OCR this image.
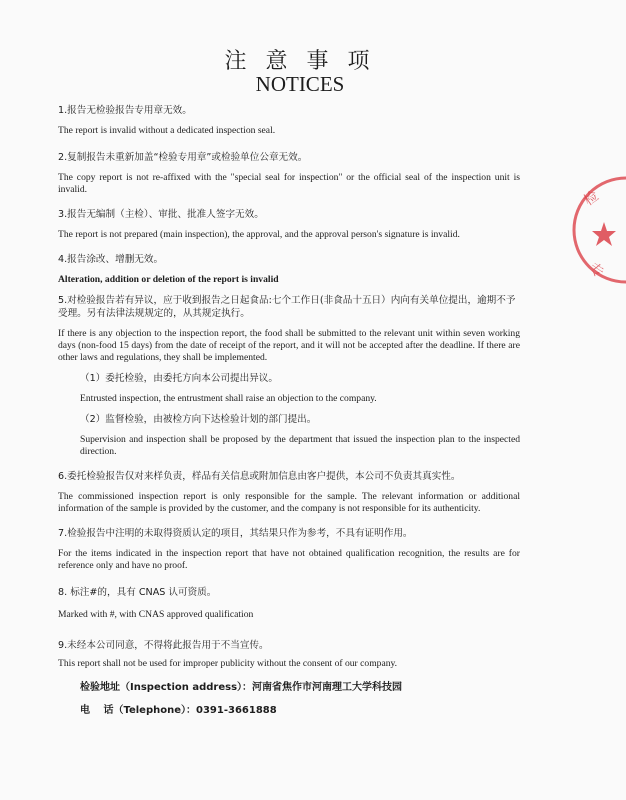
注 意 事 项
NOTICES

1.报告无检验报告专用章无效。

The report is invalid without a dedicated inspection seal.

2.复制报告未重新加盖“检验专用章”或检验单位公章无效。

The copy report is not re-affixed with the "special seal for inspection" or the official seal of the inspection unit is invalid.

3.报告无编制（主检）、审批、批准人签字无效。

The report is not prepared (main inspection), the approval, and the approval person's signature is invalid.

4.报告涂改、增删无效。

Alteration, addition or deletion of the report is invalid

5.对检验报告若有异议，应于收到报告之日起食品:七个工作日(非食品十五日）内向有关单位提出，逾期不予受理。另有法律法规规定的，从其规定执行。

If there is any objection to the inspection report, the food shall be submitted to the relevant unit within seven working days (non-food 15 days) from the date of receipt of the report, and it will not be accepted after the deadline. If there are other laws and regulations, they shall be implemented.

（1）委托检验，由委托方向本公司提出异议。

Entrusted inspection, the entrustment shall raise an objection to the company.

（2）监督检验，由被检方向下达检验计划的部门提出。

Supervision and inspection shall be proposed by the department that issued the inspection plan to the inspected direction.

6.委托检验报告仅对来样负责，样品有关信息或附加信息由客户提供，本公司不负责其真实性。

The commissioned inspection report is only responsible for the sample. The relevant information or additional information of the sample is provided by the customer, and the company is not responsible for its authenticity.

7.检验报告中注明的未取得资质认定的项目，其结果只作为参考，不具有证明作用。

For the items indicated in the inspection report that have not obtained qualification recognition, the results are for reference only and have no proof.

8. 标注#的，具有 CNAS 认可资质。

Marked with #, with CNAS approved qualification

9.未经本公司同意，不得将此报告用于不当宣传。

This report shall not be used for improper publicity without the consent of our company.

检验地址（Inspection address）：河南省焦作市河南理工大学科技园

电　 话（Telephone）：0391-3661888

检
专
